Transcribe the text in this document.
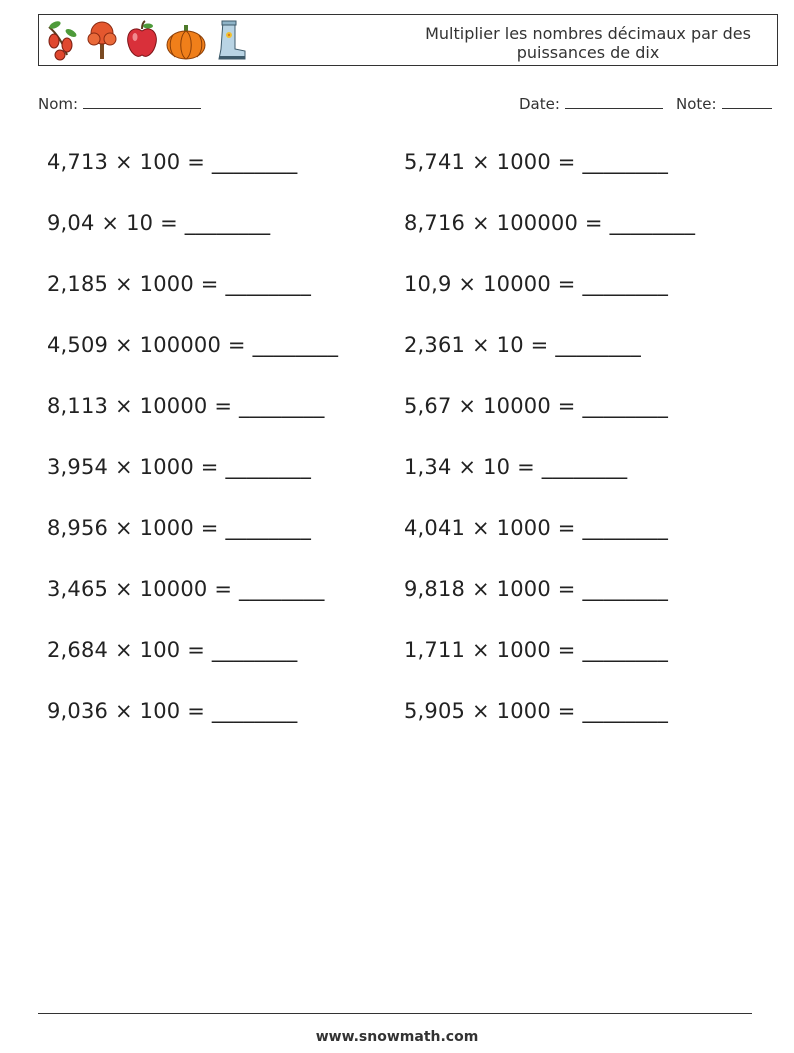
Multiplier les nombres décimaux par des
puissances de dix
Nom:	Date:	Note:
4,713 × 100 = ________
9,04 × 10 = ________
2,185 × 1000 = ________
4,509 × 100000 = ________
8,113 × 10000 = ________
3,954 × 1000 = ________
8,956 × 1000 = ________
3,465 × 10000 = ________
2,684 × 100 = ________
9,036 × 100 = ________
5,741 × 1000 = ________
8,716 × 100000 = ________
10,9 × 10000 = ________
2,361 × 10 = ________
5,67 × 10000 = ________
1,34 × 10 = ________
4,041 × 1000 = ________
9,818 × 1000 = ________
1,711 × 1000 = ________
5,905 × 1000 = ________
www.snowmath.com
